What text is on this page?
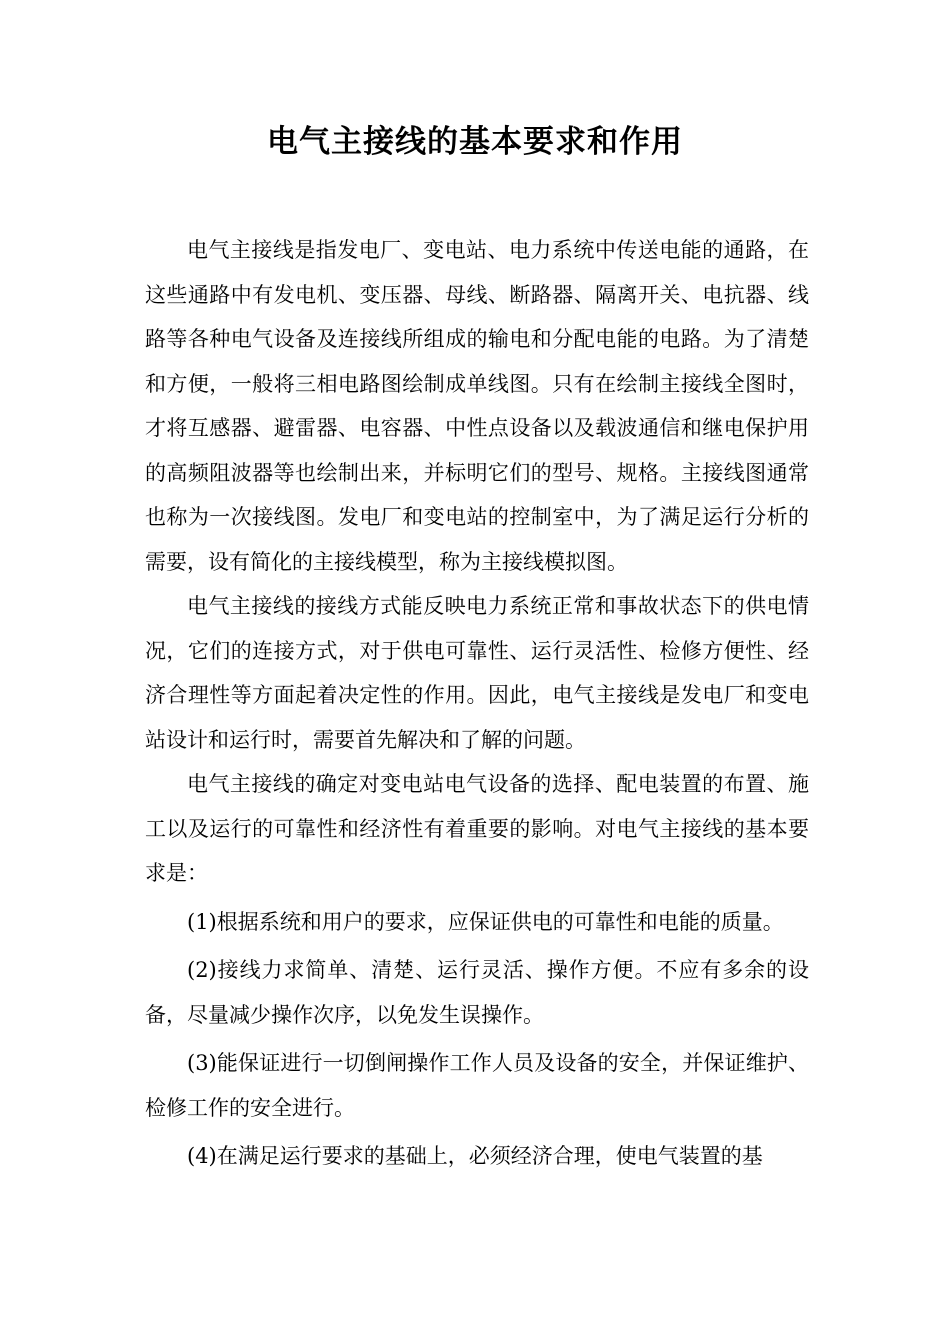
电气主接线的基本要求和作用

电气主接线是指发电厂、变电站、电力系统中传送电能的通路，在这些通路中有发电机、变压器、母线、断路器、隔离开关、电抗器、线路等各种电气设备及连接线所组成的输电和分配电能的电路。为了清楚和方便，一般将三相电路图绘制成单线图。只有在绘制主接线全图时，才将互感器、避雷器、电容器、中性点设备以及载波通信和继电保护用的高频阻波器等也绘制出来，并标明它们的型号、规格。主接线图通常也称为一次接线图。发电厂和变电站的控制室中，为了满足运行分析的需要，设有简化的主接线模型，称为主接线模拟图。

电气主接线的接线方式能反映电力系统正常和事故状态下的供电情况，它们的连接方式，对于供电可靠性、运行灵活性、检修方便性、经济合理性等方面起着决定性的作用。因此，电气主接线是发电厂和变电站设计和运行时，需要首先解决和了解的问题。

电气主接线的确定对变电站电气设备的选择、配电装置的布置、施工以及运行的可靠性和经济性有着重要的影响。对电气主接线的基本要求是：

(1)根据系统和用户的要求，应保证供电的可靠性和电能的质量。

(2)接线力求简单、清楚、运行灵活、操作方便。不应有多余的设备，尽量减少操作次序，以免发生误操作。

(3)能保证进行一切倒闸操作工作人员及设备的安全，并保证维护、检修工作的安全进行。

(4)在满足运行要求的基础上，必须经济合理，使电气装置的基
